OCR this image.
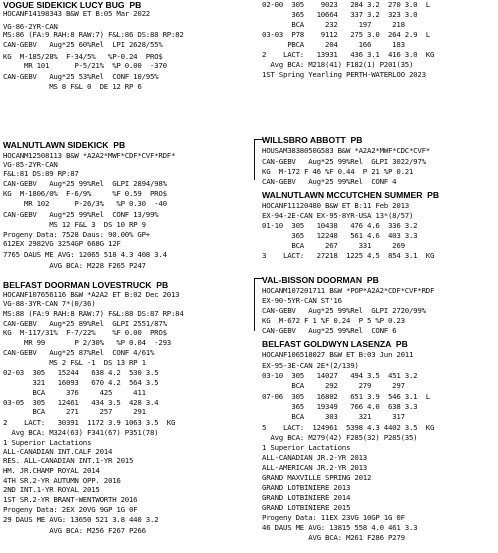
VOGUE SIDEKICK LUCY BUG  PB
HOCANF14198343 B&W ET B:05 Mar 2022
VG-86-2YR-CAN
MS:86 (FA:9 RAH:8 RAW:7) F&L:86 DS:88 RP:82
CAN-GEBV   Aug*25 60%Rel  LPI 2628/55%
KG  M-185/28%  F-34/5%   %P-0.24  PRO$
MR 101      P-5/21%  %P 0.00  -370
CAN-GEBV   Aug*25 53%Rel  CONF 10/95%
MS 8 F&L 0  DE 12 RP 6
WALNUTLAWN SIDEKICK  PB
HOCANM12508113 B&W *A2A2*MWF*CDF*CVF*RDF*
VG-85-2YR-CAN
F&L:81 DS:89 RP:87
CAN-GEBV   Aug*25 99%Rel  GLPI 2894/98%
KG  M-1806/0%  F-6/9%     %F 0.59  PRO$
MR 102      P-26/3%   %P 0.30  -40
CAN-GEBV   Aug*25 99%Rel  CONF 13/99%
MS 12 F&L 3  DS 10 RP 9
Progeny Data: 7528 Daus: 90.00% GP+
612EX 2982VG 3254GP 668G 12F
7765 DAUS ME AVG: 12065 518 4.3 408 3.4
AVG BCA: M228 F265 P247
BELFAST DOORMAN LOVESTRUCK  PB
HOCANF107656116 B&W *A2A2 ET B:02 Dec 2013
VG-88-3YR-CAN 7*(0/36)
MS:88 (FA:9 RAH:8 RAW:7) F&L:88 DS:87 RP:84
CAN-GEBV   Aug*25 89%Rel  GLPI 2551/87%
KG  M-117/31%  F-7/22%    %F 0.00  PRO$
MR 99       P 2/30%   %P 0.04  -293
CAN-GEBV   Aug*25 87%Rel  CONF 4/61%
MS 2 F&L -1  DS 13 RP 1
02-03  305   15244   638 4.2  530 3.5
321   16093   670 4.2  564 3.5
BCA     376     425     411
03-05  305   12461   434 3.5  428 3.4
BCA     271     257     291
2    LACT:   30391  1172 3.9 1063 3.5  KG
Avg BCA: M324(63) F341(67) P351(78)
1 Superior Lactations
ALL-CANADIAN INT.CALF 2014
RES. ALL-CANADIAN INT.1-YR 2015
HM. JR.CHAMP ROYAL 2014
4TH SR.2-YR AUTUMN OPP. 2016
2ND INT.1-YR ROYAL 2015
1ST SR.2-YR BRANT-WENTWORTH 2016
Progeny Data: 2EX 20VG 9GP 1G 0F
29 DAUS ME AVG: 13650 521 3.8 440 3.2
AVG BCA: M256 F267 P266
02-00  305    9023   284 3.2  270 3.0  L
365   10664   337 3.2  323 3.0
BCA     232     197     218
03-03  P78    9112   275 3.0  264 2.9  L
PBCA     204     166     183
2    LACT:   13931   436 3.1  416 3.0  KG
Avg BCA: M218(41) F182(1) P201(35)
1ST Spring Yearling PERTH-WATERLOO 2023
WILLSBRO ABBOTT  PB
HOUSAM3838050G583 B&W *A2A2*MWF*CDC*CVF*
CAN-GEBV   Aug*25 99%Rel  GLPI 3022/97%
KG  M-172 F 46 %F 0.44  P 21 %P 0.21
CAN-GEBV   Aug*25 99%Rel  CONF 4
WALNUTLAWN MCCUTCHEN SUMMER  PB
HOCANF11120480 B&W ET B:11 Feb 2013
EX-94-2E-CAN EX-95-8YR-USA 13*(8/57)
01-10  305   10438   476 4.6  336 3.2
365   12248   561 4.6  403 3.3
BCA     267     331     269
3    LACT:   27218  1225 4.5  854 3.1  KG
VAL-BISSON DOORMAN  PB
HOCANM107201711 B&W *POP*A2A2*CDF*CVF*RDF
EX-90-5YR-CAN ST'16
CAN-GEBV   Aug*25 99%Rel  GLPI 2720/99%
KG  M-672 F 1 %F 0.24  P 5 %P 0.23
CAN-GEBV   Aug*25 99%Rel  CONF 6
BELFAST GOLDWYN LASENZA  PB
HOCANF106518027 B&W ET B:03 Jun 2011
EX-95-3E-CAN 2E*(2/139)
03-10  305   14027   494 3.5  451 3.2
BCA     292     279     297
07-06  305   16802   651 3.9  546 3.1  L
365   19349   766 4.0  638 3.3
BCA     303     321     317
5    LACT:  124961  5398 4.3 4402 3.5  KG
Avg BCA: M279(42) F285(32) P285(35)
1 Superior Lactations
ALL-CANADIAN JR.2-YR 2013
ALL-AMERICAN JR.2-YR 2013
GRAND MAXVILLE SPRING 2012
GRAND LOTBINIERE 2013
GRAND LOTBINIERE 2014
GRAND LOTBINIERE 2015
Progeny Data: 11EX 23VG 10GP 1G 0F
46 DAUS ME AVG: 13815 558 4.0 461 3.3
AVG BCA: M261 F286 P279
